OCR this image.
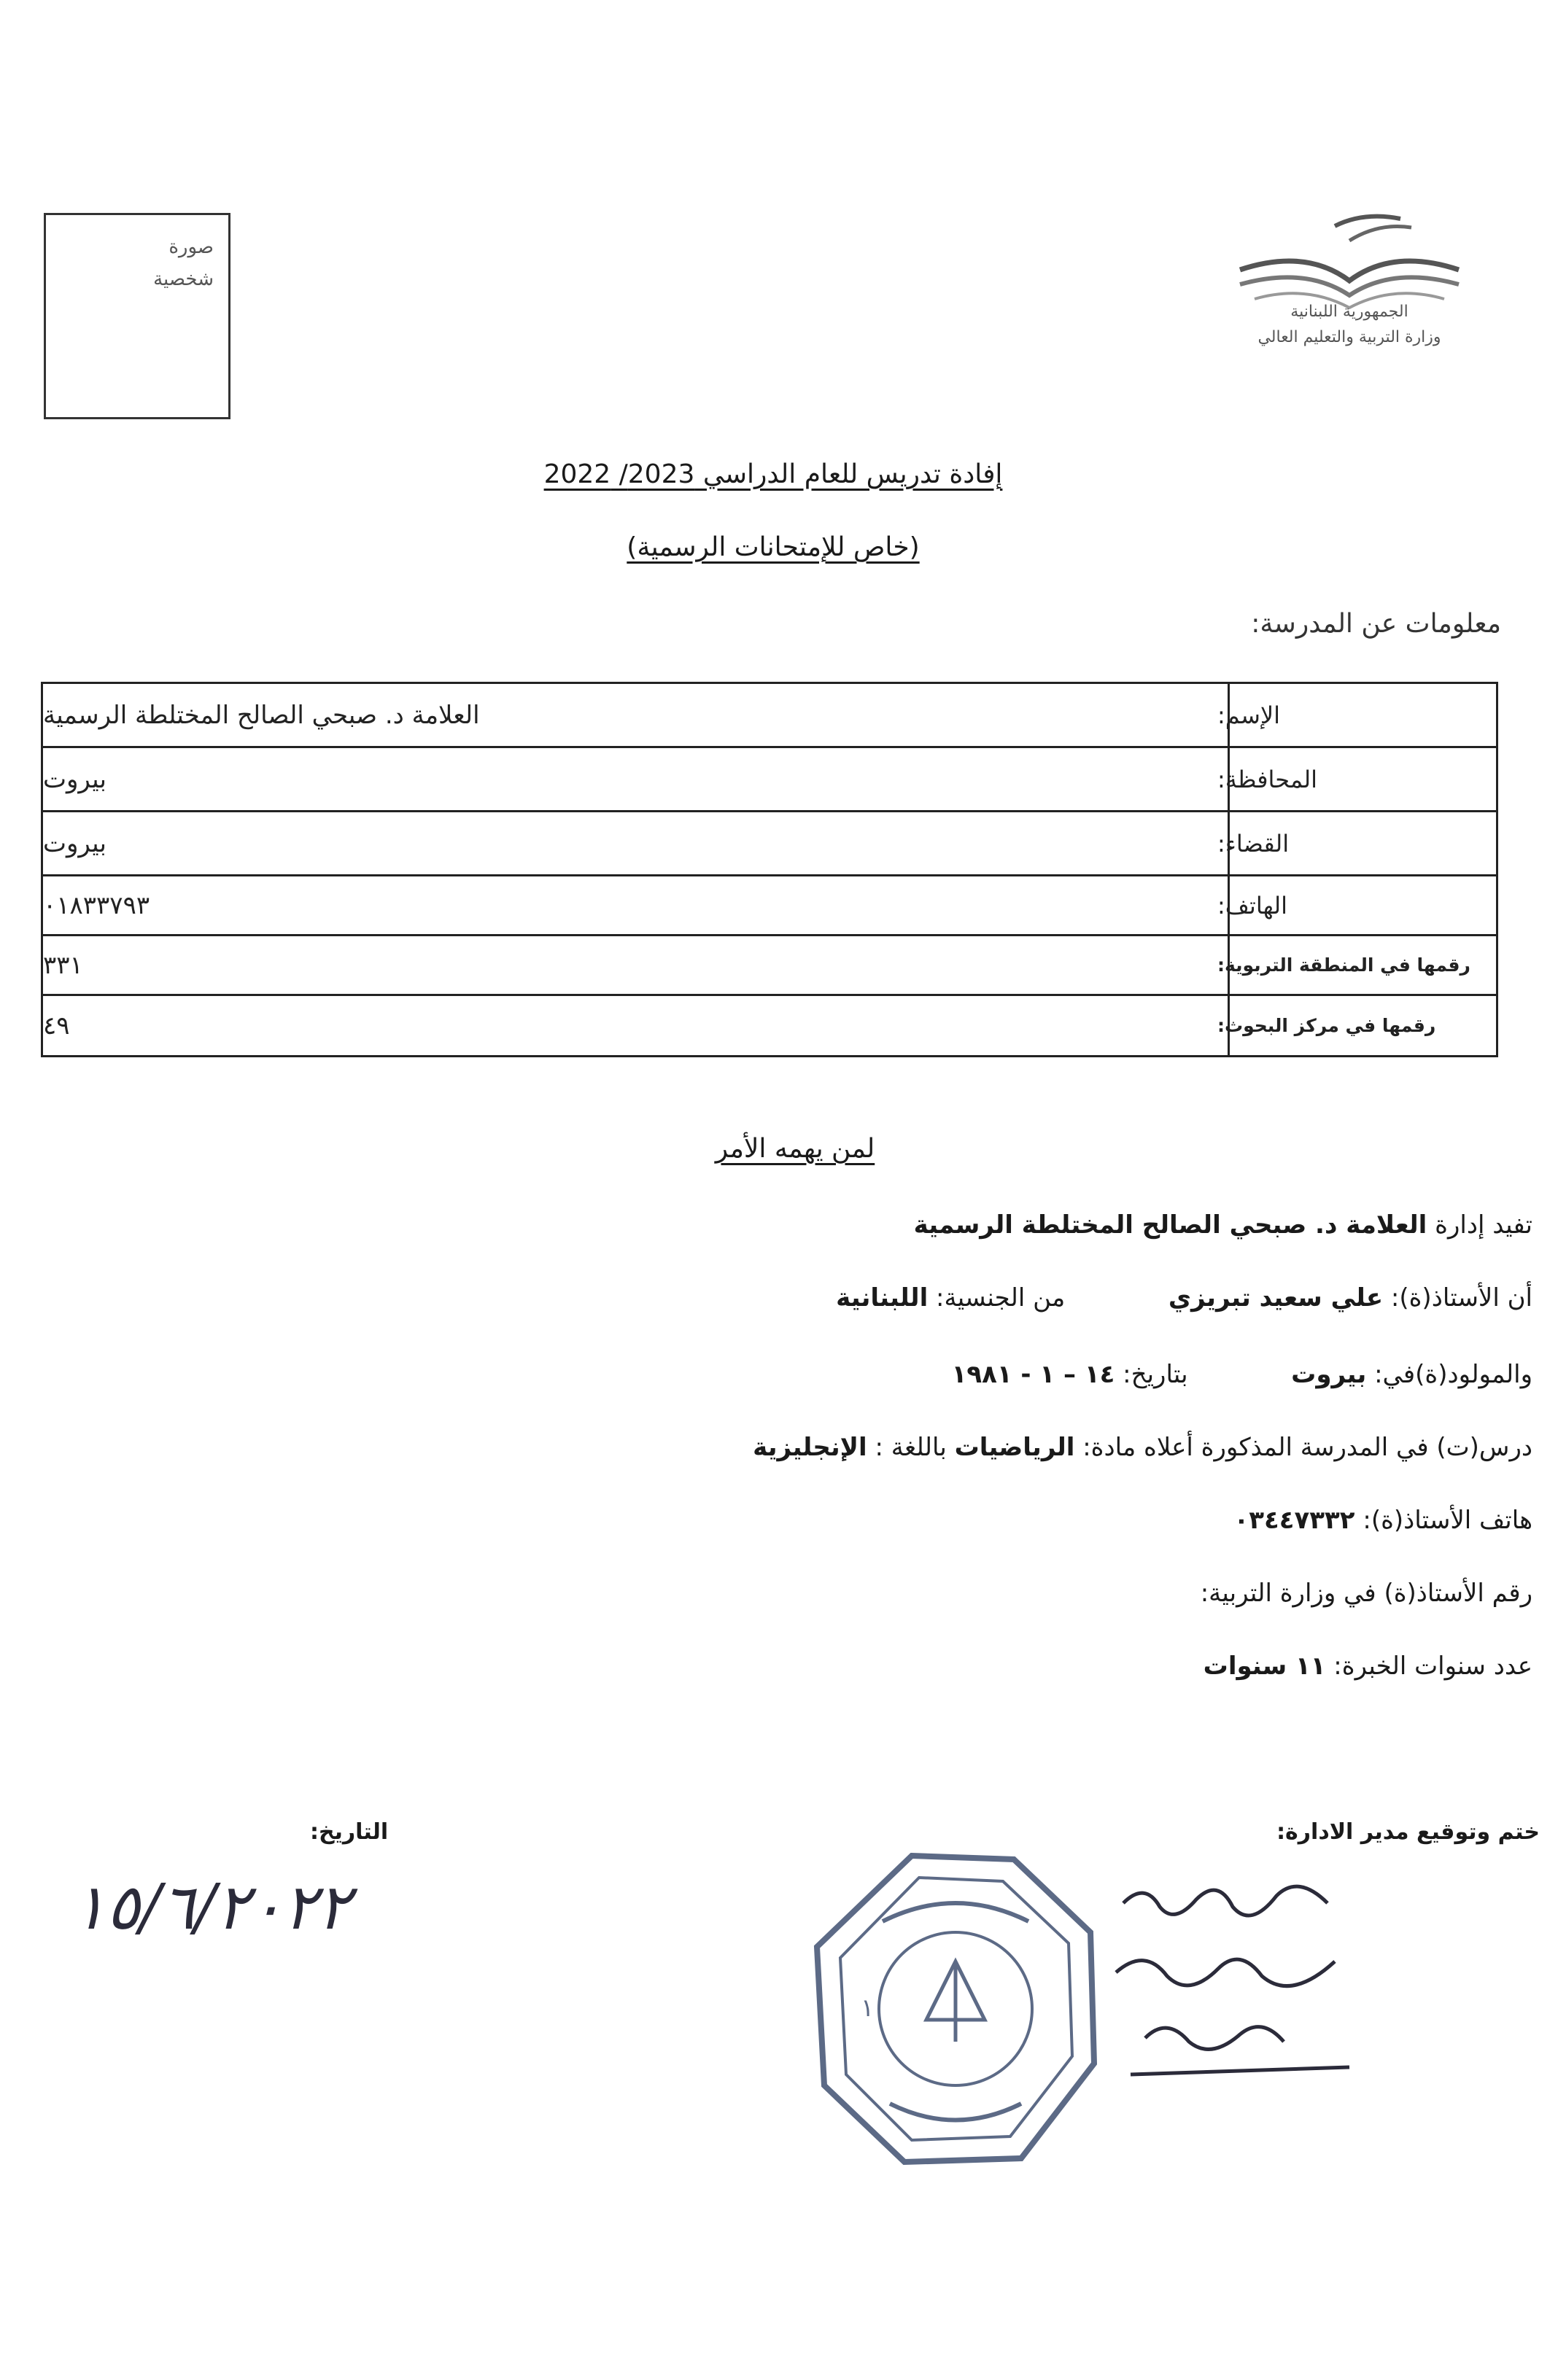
صورة
شخصية
الجمهورية اللبنانية
وزارة التربية والتعليم العالي
إفادة تدريس للعام الدراسي 2023/ 2022
(خاص للإمتحانات الرسمية)
معلومات عن المدرسة:
الإسم:
العلامة د. صبحي الصالح المختلطة الرسمية
المحافظة:
بيروت
القضاء:
بيروت
الهاتف:
٠١٨٣٣٧٩٣
رقمها في المنطقة التربوية:
٣٣١
رقمها في مركز البحوث:
٤٩
لمن يهمه الأمر
تفيد إدارة العلامة د. صبحي الصالح المختلطة الرسمية
أن الأستاذ(ة): علي سعيد تبريزي  من الجنسية: اللبنانية
والمولود(ة)في: بيروت  بتاريخ: ١٤ – ١ - ١٩٨١
درس(ت) في المدرسة المذكورة أعلاه مادة: الرياضيات باللغة : الإنجليزية
هاتف الأستاذ(ة): ٠٣٤٤٧٣٣٢
رقم الأستاذ(ة) في وزارة التربية:
عدد سنوات الخبرة: ١١ سنوات
ختم وتوقيع مدير الادارة:
التاريخ:
١٥/٦/٢٠٢٢
١
